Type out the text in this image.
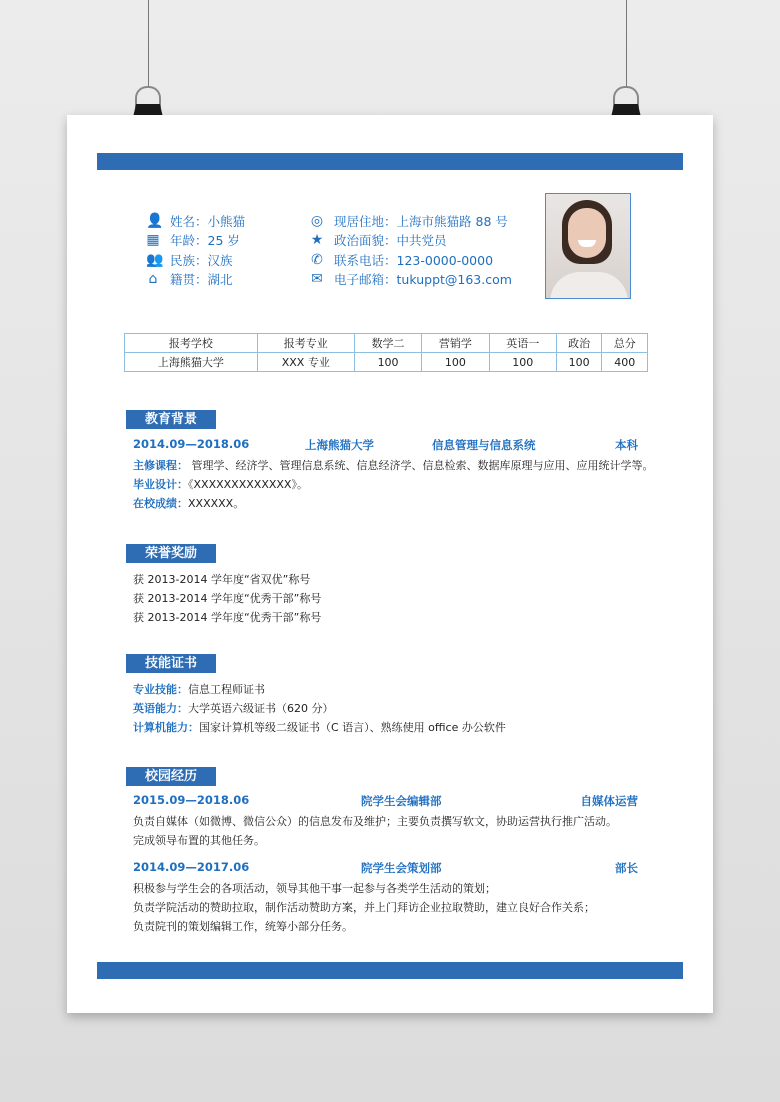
👤 姓名：小熊猫
▦ 年龄：25 岁
👥 民族：汉族
⌂ 籍贯：湖北
◎ 现居住地：上海市熊猫路 88 号
★ 政治面貌：中共党员
✆ 联系电话：123-0000-0000
✉ 电子邮箱：tukuppt@163.com
报考学校	报考专业	数学二	营销学	英语一	政治	总分
上海熊猫大学	XXX 专业	100	100	100	100	400
教育背景
2014.09—2018.06	上海熊猫大学	信息管理与信息系统	本科
荣誉奖励
技能证书
校园经历
主修课程： 管理学、经济学、管理信息系统、信息经济学、信息检索、数据库原理与应用、应用统计学等。
毕业设计：《XXXXXXXXXXXXX》。
在校成绩：XXXXXX。
获 2013-2014 学年度“省双优”称号
获 2013-2014 学年度“优秀干部”称号
获 2013-2014 学年度“优秀干部”称号
专业技能：信息工程师证书
英语能力：大学英语六级证书（620 分）
计算机能力：国家计算机等级二级证书（C 语言）、熟练使用 office 办公软件
2015.09—2018.06	院学生会编辑部	自媒体运营
负责自媒体（如微博、微信公众）的信息发布及维护；主要负责撰写软文，协助运营执行推广活动。
完成领导布置的其他任务。
2014.09—2017.06	院学生会策划部	部长
积极参与学生会的各项活动，领导其他干事一起参与各类学生活动的策划；
负责学院活动的赞助拉取，制作活动赞助方案，并上门拜访企业拉取赞助，建立良好合作关系；
负责院刊的策划编辑工作，统筹小部分任务。
